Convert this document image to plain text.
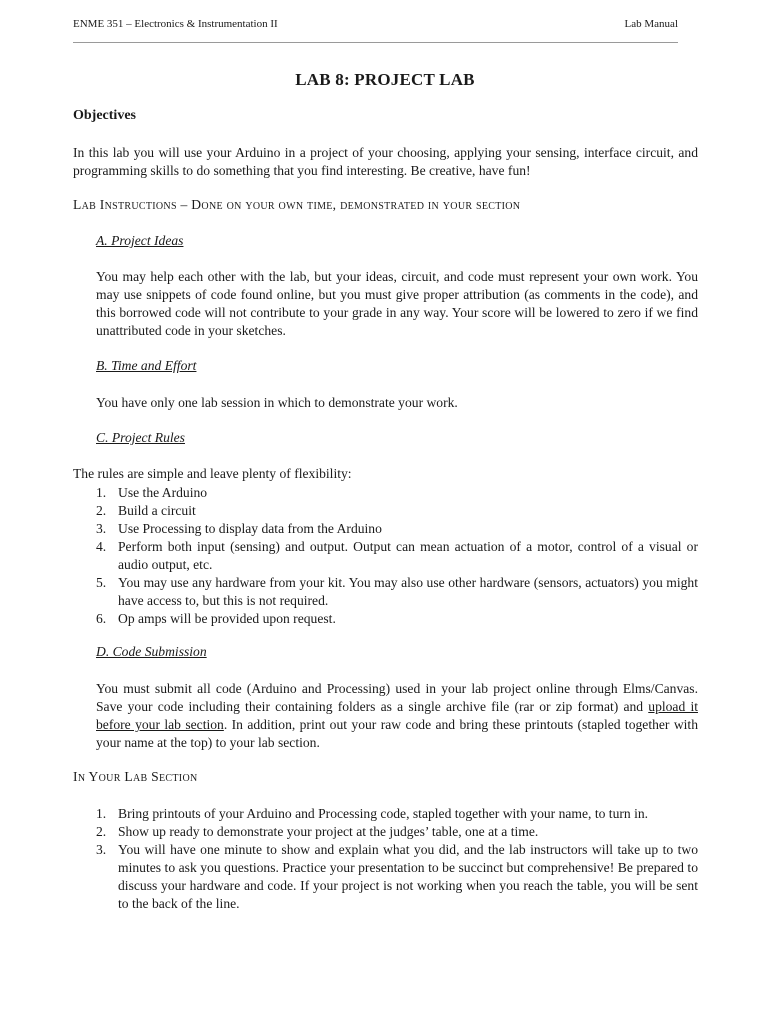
ENME 351 – Electronics & Instrumentation II	Lab Manual
LAB 8: PROJECT LAB
Objectives
In this lab you will use your Arduino in a project of your choosing, applying your sensing, interface circuit, and programming skills to do something that you find interesting. Be creative, have fun!
Lab Instructions – Done on your own time, demonstrated in your section
A. Project Ideas
You may help each other with the lab, but your ideas, circuit, and code must represent your own work. You may use snippets of code found online, but you must give proper attribution (as comments in the code), and this borrowed code will not contribute to your grade in any way. Your score will be lowered to zero if we find unattributed code in your sketches.
B. Time and Effort
You have only one lab session in which to demonstrate your work.
C. Project Rules
The rules are simple and leave plenty of flexibility:
1. Use the Arduino
2. Build a circuit
3. Use Processing to display data from the Arduino
4. Perform both input (sensing) and output. Output can mean actuation of a motor, control of a visual or audio output, etc.
5. You may use any hardware from your kit. You may also use other hardware (sensors, actuators) you might have access to, but this is not required.
6. Op amps will be provided upon request.
D. Code Submission
You must submit all code (Arduino and Processing) used in your lab project online through Elms/Canvas. Save your code including their containing folders as a single archive file (rar or zip format) and upload it before your lab section. In addition, print out your raw code and bring these printouts (stapled together with your name at the top) to your lab section.
In Your Lab Section
1. Bring printouts of your Arduino and Processing code, stapled together with your name, to turn in.
2. Show up ready to demonstrate your project at the judges’ table, one at a time.
3. You will have one minute to show and explain what you did, and the lab instructors will take up to two minutes to ask you questions. Practice your presentation to be succinct but comprehensive! Be prepared to discuss your hardware and code. If your project is not working when you reach the table, you will be sent to the back of the line.
